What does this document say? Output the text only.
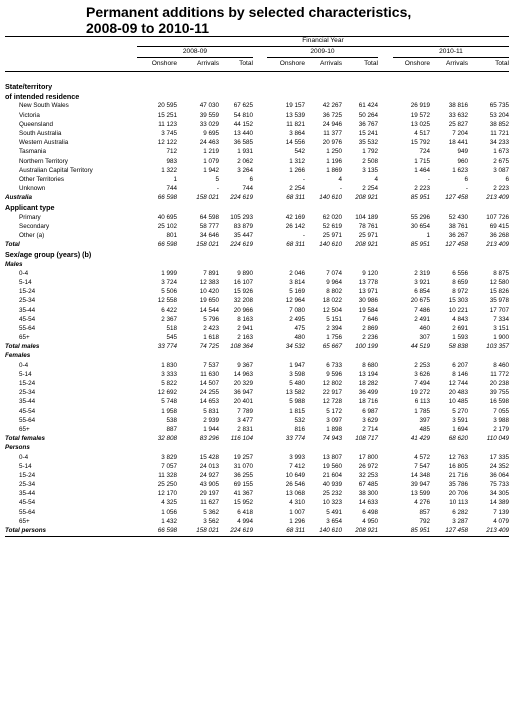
Permanent additions by selected characteristics,
2008-09 to 2010-11
Financial Year
2008-09
Onshore	Arrivals	Total
2009-10
Onshore	Arrivals	Total
2010-11
Onshore	Arrivals	Total
State/territory
of intended residence
New South Wales	20 595	47 030	67 625	19 157	42 267	61 424	26 919	38 816	65 735
Victoria	15 251	39 559	54 810	13 539	36 725	50 264	19 572	33 632	53 204
Queensland	11 123	33 029	44 152	11 821	24 946	36 767	13 025	25 827	38 852
South Australia	3 745	9 695	13 440	3 864	11 377	15 241	4 517	7 204	11 721
Western Australia	12 122	24 463	36 585	14 556	20 976	35 532	15 792	18 441	34 233
Tasmania	712	1 219	1 931	542	1 250	1 792	724	949	1 673
Northern Territory	983	1 079	2 062	1 312	1 196	2 508	1 715	960	2 675
Australian Capital Territory	1 322	1 942	3 264	1 266	1 869	3 135	1 464	1 623	3 087
Other Territories	1	5	6	-	4	4	-	6	6
Unknown	744	-	744	2 254	-	2 254	2 223	-	2 223
Australia	66 598	158 021	224 619	68 311	140 610	208 921	85 951	127 458	213 409
Applicant type
Primary	40 695	64 598	105 293	42 169	62 020	104 189	55 296	52 430	107 726
Secondary	25 102	58 777	83 879	26 142	52 619	78 761	30 654	38 761	69 415
Other (a)	801	34 646	35 447	-	25 971	25 971	1	36 267	36 268
Total	66 598	158 021	224 619	68 311	140 610	208 921	85 951	127 458	213 409
Sex/age group (years) (b)
Males
0-4	1 999	7 891	9 890	2 046	7 074	9 120	2 319	6 556	8 875
5-14	3 724	12 383	16 107	3 814	9 964	13 778	3 921	8 659	12 580
15-24	5 506	10 420	15 926	5 169	8 802	13 971	6 854	8 972	15 826
25-34	12 558	19 650	32 208	12 964	18 022	30 986	20 675	15 303	35 978
35-44	6 422	14 544	20 966	7 080	12 504	19 584	7 486	10 221	17 707
45-54	2 367	5 796	8 163	2 495	5 151	7 646	2 491	4 843	7 334
55-64	518	2 423	2 941	475	2 394	2 869	460	2 691	3 151
65+	545	1 618	2 163	480	1 756	2 236	307	1 593	1 900
Total males	33 774	74 725	108 364	34 532	65 667	100 199	44 519	58 838	103 357
Females
0-4	1 830	7 537	9 367	1 947	6 733	8 680	2 253	6 207	8 460
5-14	3 333	11 630	14 963	3 598	9 596	13 194	3 626	8 146	11 772
15-24	5 822	14 507	20 329	5 480	12 802	18 282	7 494	12 744	20 238
25-34	12 692	24 255	36 947	13 582	22 917	36 499	19 272	20 483	39 755
35-44	5 748	14 653	20 401	5 988	12 728	18 716	6 113	10 485	16 598
45-54	1 958	5 831	7 789	1 815	5 172	6 987	1 785	5 270	7 055
55-64	538	2 939	3 477	532	3 097	3 629	397	3 591	3 988
65+	887	1 944	2 831	816	1 898	2 714	485	1 694	2 179
Total females	32 808	83 296	116 104	33 774	74 943	108 717	41 429	68 620	110 049
Persons
0-4	3 829	15 428	19 257	3 993	13 807	17 800	4 572	12 763	17 335
5-14	7 057	24 013	31 070	7 412	19 560	26 972	7 547	16 805	24 352
15-24	11 328	24 927	36 255	10 649	21 604	32 253	14 348	21 716	36 064
25-34	25 250	43 905	69 155	26 546	40 939	67 485	39 947	35 786	75 733
35-44	12 170	29 197	41 367	13 068	25 232	38 300	13 599	20 706	34 305
45-54	4 325	11 627	15 952	4 310	10 323	14 633	4 276	10 113	14 389
55-64	1 056	5 362	6 418	1 007	5 491	6 498	857	6 282	7 139
65+	1 432	3 562	4 994	1 296	3 654	4 950	792	3 287	4 079
Total persons	66 598	158 021	224 619	68 311	140 610	208 921	85 951	127 458	213 409
